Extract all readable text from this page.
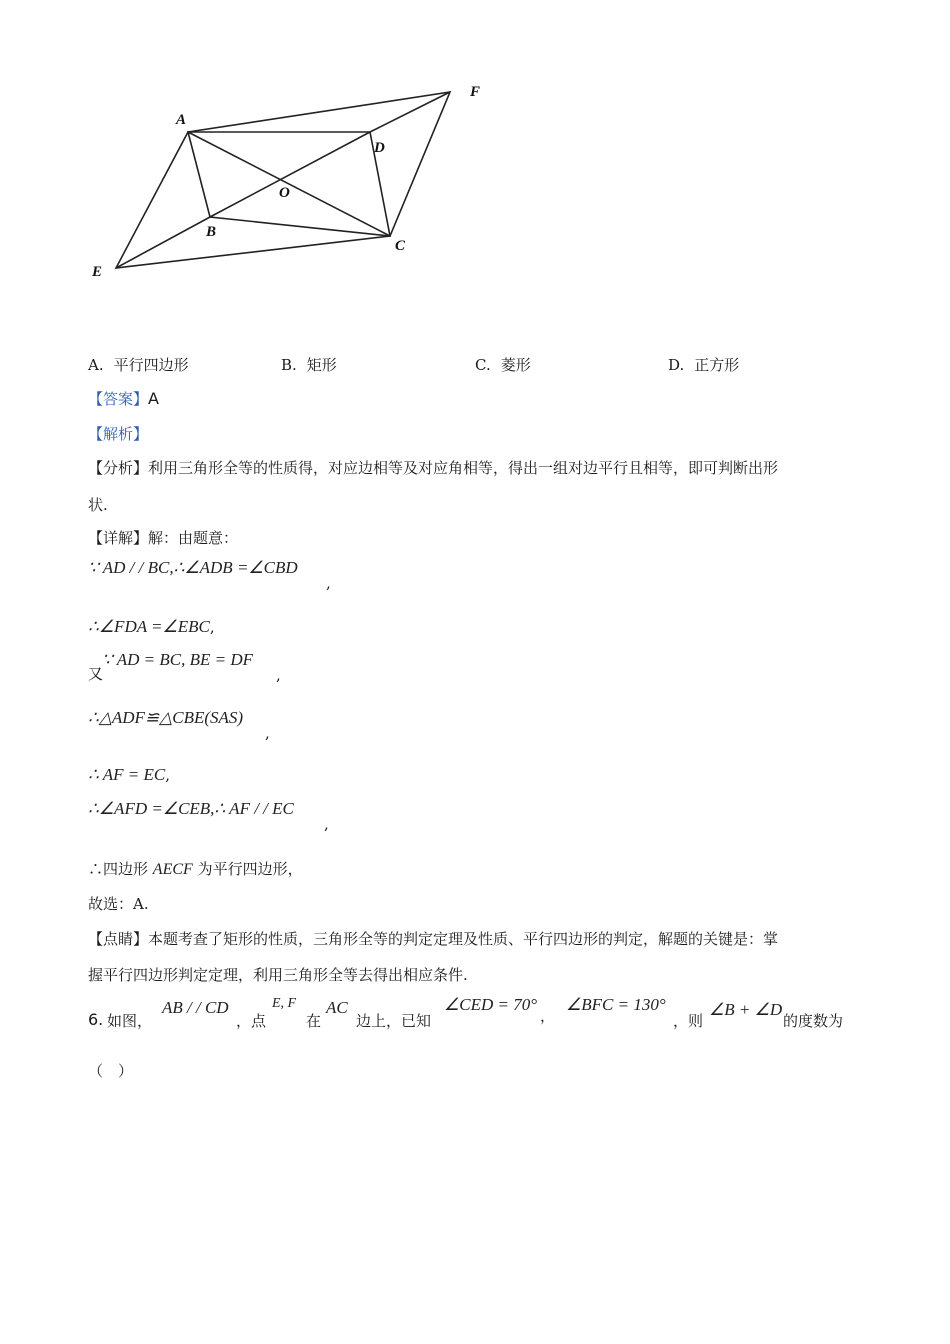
A
F
D
O
B
C
E
A. 平行四边形	B. 矩形	C. 菱形	D. 正方形
【答案】A
【解析】
【分析】利用三角形全等的性质得，对应边相等及对应角相等，得出一组对边平行且相等，即可判断出形
状.
【详解】解：由题意：
∵ AD / / BC,∴∠ADB =∠CBD
,
∴∠FDA =∠EBC,
又
∵ AD = BC, BE = DF
,
∴△ADF≌△CBE(SAS)
,
∴ AF = EC,
∴∠AFD =∠CEB,∴ AF / / EC
,
∴四边形 AECF 为平行四边形，
故选：A.
【点睛】本题考查了矩形的性质，三角形全等的判定定理及性质、平行四边形的判定，解题的关键是：掌
握平行四边形判定定理，利用三角形全等去得出相应条件.
6. 如图，
AB / / CD
，点
E, F
在
AC
边上，已知
∠CED = 70°
，
∠BFC = 130°
，则
∠B + ∠D
的度数为
（　）
